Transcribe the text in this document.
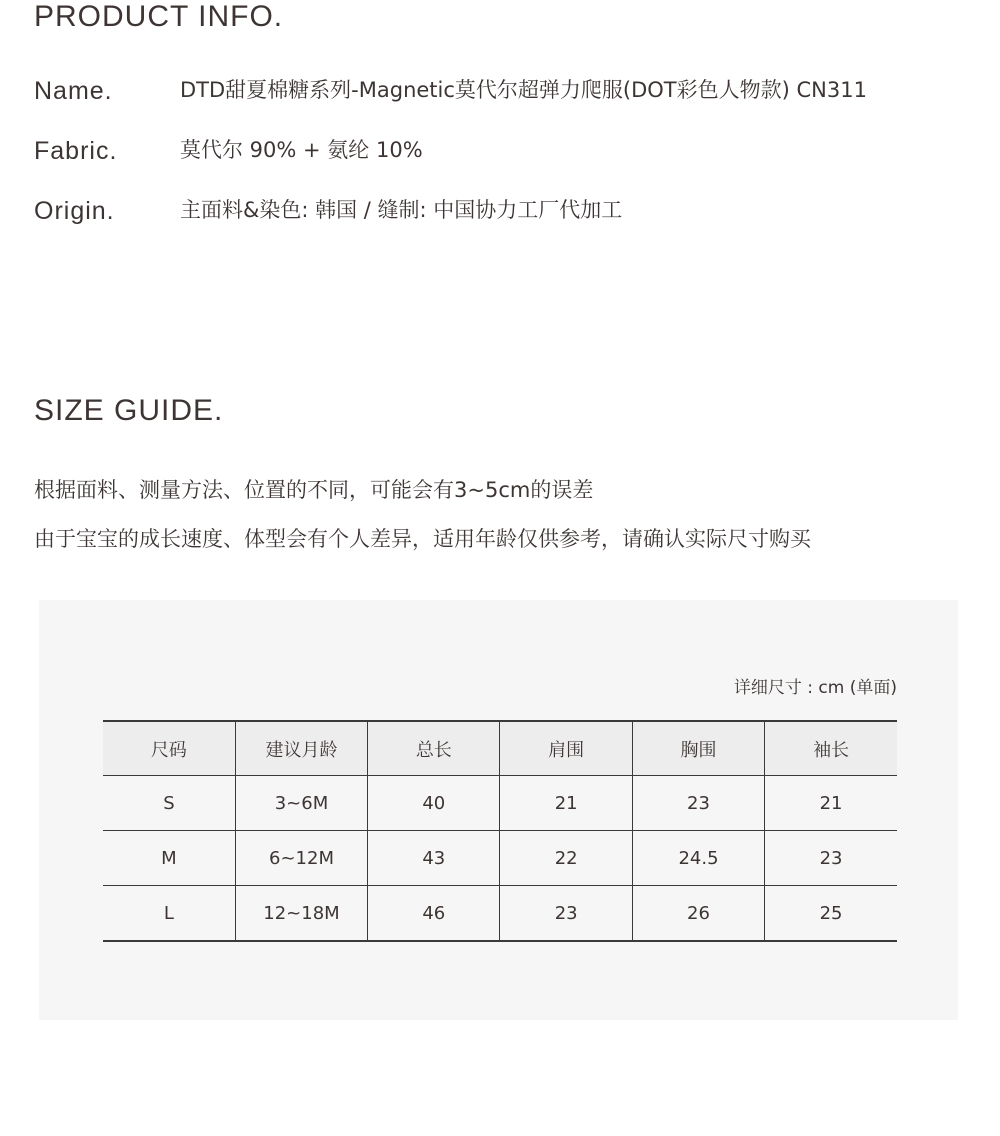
PRODUCT INFO.
Name.	DTD甜夏棉糖系列-Magnetic莫代尔超弹力爬服(DOT彩色人物款) CN311
Fabric.	莫代尔 90% + 氨纶 10%
Origin.	主面料&染色: 韩国 / 缝制: 中国协力工厂代加工
SIZE GUIDE.

根据面料、测量方法、位置的不同，可能会有3~5cm的误差

由于宝宝的成长速度、体型会有个人差异，适用年龄仅供参考，请确认实际尺寸购买

详细尺寸 : cm (单面)
尺码	建议月龄	总长	肩围	胸围	袖长
S	3~6M	40	21	23	21
M	6~12M	43	22	24.5	23
L	12~18M	46	23	26	25
